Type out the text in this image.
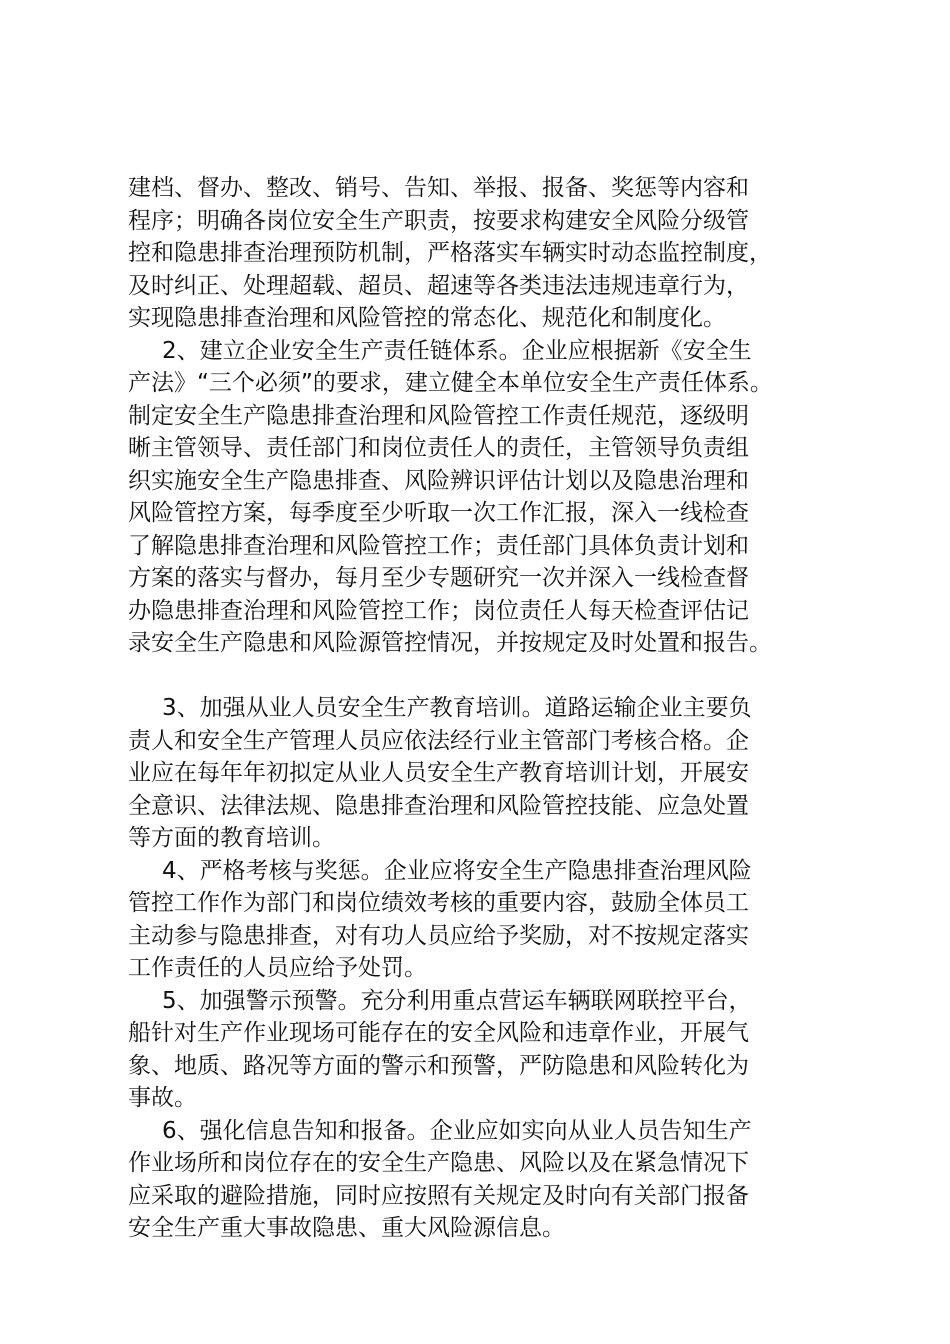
建档、督办、整改、销号、告知、举报、报备、奖惩等内容和
程序；明确各岗位安全生产职责，按要求构建安全风险分级管
控和隐患排查治理预防机制，严格落实车辆实时动态监控制度，
及时纠正、处理超载、超员、超速等各类违法违规违章行为，
实现隐患排查治理和风险管控的常态化、规范化和制度化。
2、建立企业安全生产责任链体系。企业应根据新《安全生
产法》“三个必须”的要求，建立健全本单位安全生产责任体系。
制定安全生产隐患排查治理和风险管控工作责任规范，逐级明
晰主管领导、责任部门和岗位责任人的责任，主管领导负责组
织实施安全生产隐患排查、风险辨识评估计划以及隐患治理和
风险管控方案，每季度至少听取一次工作汇报，深入一线检查
了解隐患排查治理和风险管控工作；责任部门具体负责计划和
方案的落实与督办，每月至少专题研究一次并深入一线检查督
办隐患排查治理和风险管控工作；岗位责任人每天检查评估记
录安全生产隐患和风险源管控情况，并按规定及时处置和报告。
3、加强从业人员安全生产教育培训。道路运输企业主要负
责人和安全生产管理人员应依法经行业主管部门考核合格。企
业应在每年年初拟定从业人员安全生产教育培训计划，开展安
全意识、法律法规、隐患排查治理和风险管控技能、应急处置
等方面的教育培训。
4、严格考核与奖惩。企业应将安全生产隐患排查治理风险
管控工作作为部门和岗位绩效考核的重要内容，鼓励全体员工
主动参与隐患排查，对有功人员应给予奖励，对不按规定落实
工作责任的人员应给予处罚。
5、加强警示预警。充分利用重点营运车辆联网联控平台，
船针对生产作业现场可能存在的安全风险和违章作业，开展气
象、地质、路况等方面的警示和预警，严防隐患和风险转化为
事故。
6、强化信息告知和报备。企业应如实向从业人员告知生产
作业场所和岗位存在的安全生产隐患、风险以及在紧急情况下
应采取的避险措施，同时应按照有关规定及时向有关部门报备
安全生产重大事故隐患、重大风险源信息。
